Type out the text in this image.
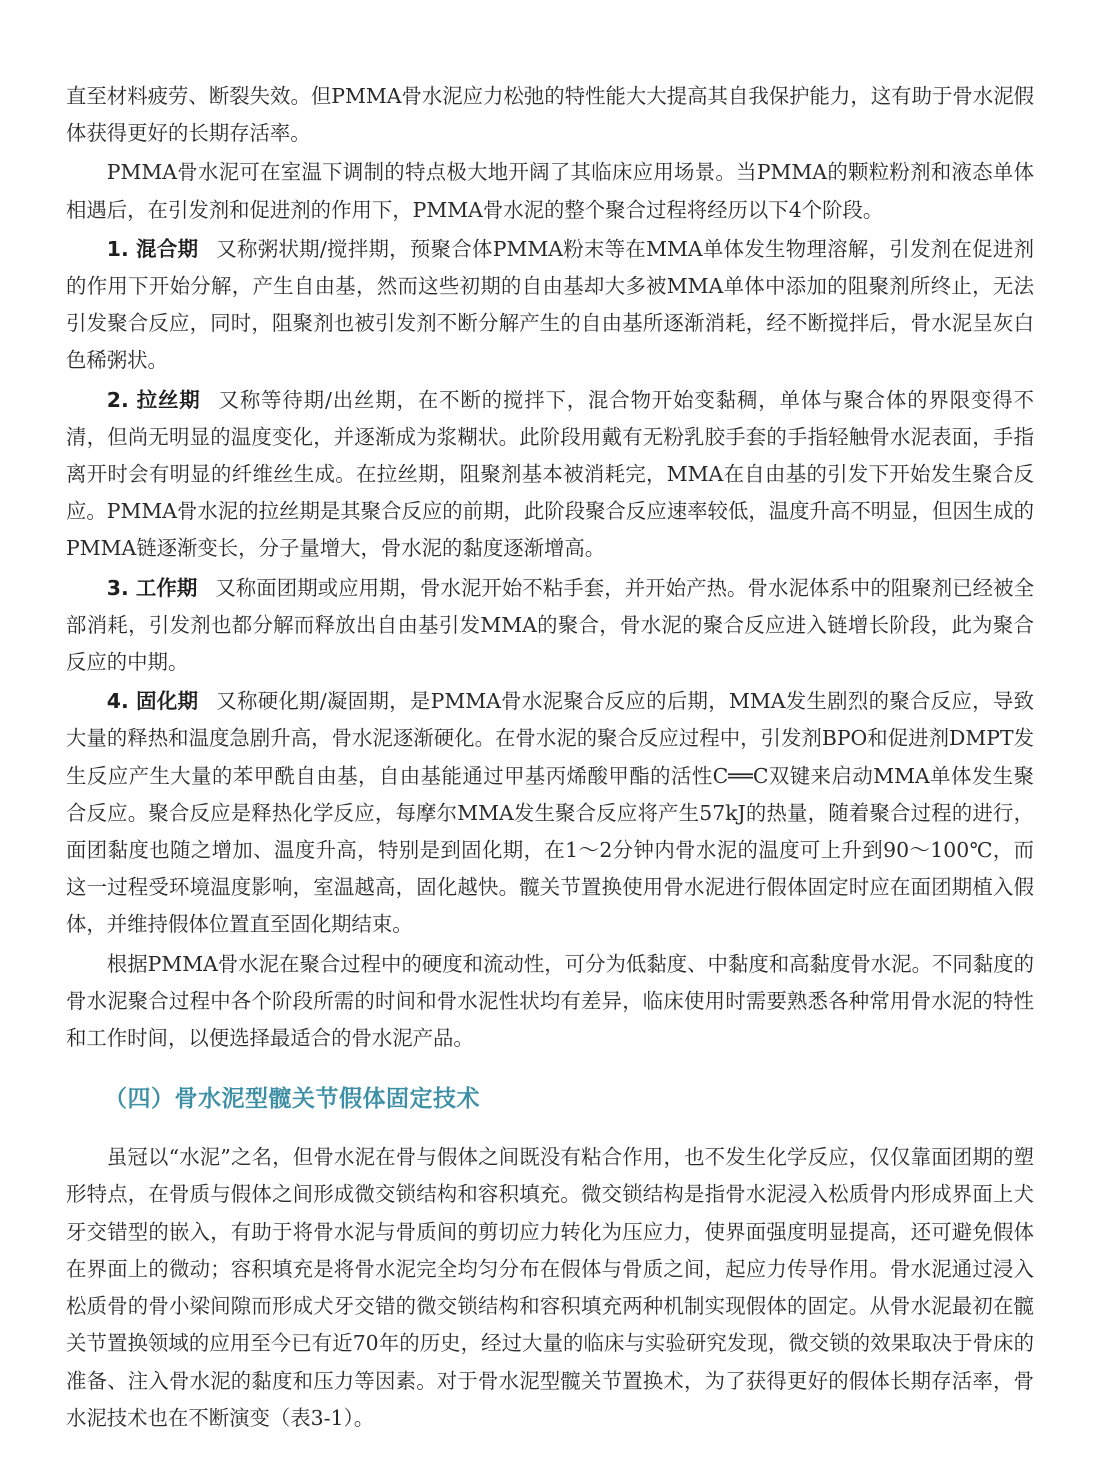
直至材料疲劳、断裂失效。但PMMA骨水泥应力松弛的特性能大大提高其自我保护能力，这有助于骨水泥假体获得更好的长期存活率。

PMMA骨水泥可在室温下调制的特点极大地开阔了其临床应用场景。当PMMA的颗粒粉剂和液态单体相遇后，在引发剂和促进剂的作用下，PMMA骨水泥的整个聚合过程将经历以下4个阶段。

1. 混合期 又称粥状期/搅拌期，预聚合体PMMA粉末等在MMA单体发生物理溶解，引发剂在促进剂的作用下开始分解，产生自由基，然而这些初期的自由基却大多被MMA单体中添加的阻聚剂所终止，无法引发聚合反应，同时，阻聚剂也被引发剂不断分解产生的自由基所逐渐消耗，经不断搅拌后，骨水泥呈灰白色稀粥状。

2. 拉丝期 又称等待期/出丝期，在不断的搅拌下，混合物开始变黏稠，单体与聚合体的界限变得不清，但尚无明显的温度变化，并逐渐成为浆糊状。此阶段用戴有无粉乳胶手套的手指轻触骨水泥表面，手指离开时会有明显的纤维丝生成。在拉丝期，阻聚剂基本被消耗完，MMA在自由基的引发下开始发生聚合反应。PMMA骨水泥的拉丝期是其聚合反应的前期，此阶段聚合反应速率较低，温度升高不明显，但因生成的PMMA链逐渐变长，分子量增大，骨水泥的黏度逐渐增高。

3. 工作期 又称面团期或应用期，骨水泥开始不粘手套，并开始产热。骨水泥体系中的阻聚剂已经被全部消耗，引发剂也都分解而释放出自由基引发MMA的聚合，骨水泥的聚合反应进入链增长阶段，此为聚合反应的中期。

4. 固化期 又称硬化期/凝固期，是PMMA骨水泥聚合反应的后期，MMA发生剧烈的聚合反应，导致大量的释热和温度急剧升高，骨水泥逐渐硬化。在骨水泥的聚合反应过程中，引发剂BPO和促进剂DMPT发生反应产生大量的苯甲酰自由基，自由基能通过甲基丙烯酸甲酯的活性C══C双键来启动MMA单体发生聚合反应。聚合反应是释热化学反应，每摩尔MMA发生聚合反应将产生57kJ的热量，随着聚合过程的进行，面团黏度也随之增加、温度升高，特别是到固化期，在1～2分钟内骨水泥的温度可上升到90～100℃，而这一过程受环境温度影响，室温越高，固化越快。髋关节置换使用骨水泥进行假体固定时应在面团期植入假体，并维持假体位置直至固化期结束。

根据PMMA骨水泥在聚合过程中的硬度和流动性，可分为低黏度、中黏度和高黏度骨水泥。不同黏度的骨水泥聚合过程中各个阶段所需的时间和骨水泥性状均有差异，临床使用时需要熟悉各种常用骨水泥的特性和工作时间，以便选择最适合的骨水泥产品。

（四）骨水泥型髋关节假体固定技术

虽冠以“水泥”之名，但骨水泥在骨与假体之间既没有粘合作用，也不发生化学反应，仅仅靠面团期的塑形特点，在骨质与假体之间形成微交锁结构和容积填充。微交锁结构是指骨水泥浸入松质骨内形成界面上犬牙交错型的嵌入，有助于将骨水泥与骨质间的剪切应力转化为压应力，使界面强度明显提高，还可避免假体在界面上的微动；容积填充是将骨水泥完全均匀分布在假体与骨质之间，起应力传导作用。骨水泥通过浸入松质骨的骨小梁间隙而形成犬牙交错的微交锁结构和容积填充两种机制实现假体的固定。从骨水泥最初在髋关节置换领域的应用至今已有近70年的历史，经过大量的临床与实验研究发现，微交锁的效果取决于骨床的准备、注入骨水泥的黏度和压力等因素。对于骨水泥型髋关节置换术，为了获得更好的假体长期存活率，骨水泥技术也在不断演变（表3-1）。
